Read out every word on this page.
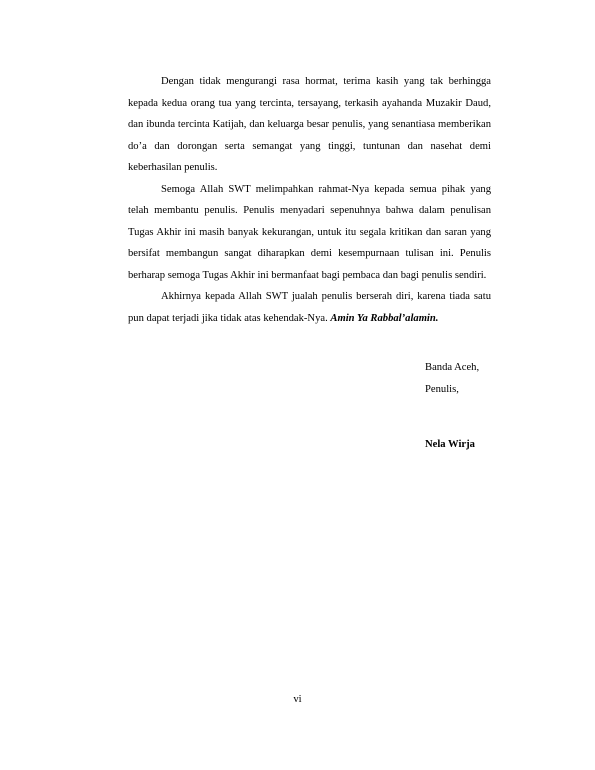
Dengan tidak mengurangi rasa hormat, terima kasih yang tak berhingga kepada kedua orang tua yang tercinta, tersayang, terkasih ayahanda Muzakir Daud, dan ibunda tercinta Katijah, dan keluarga besar penulis, yang senantiasa memberikan do’a dan dorongan serta semangat yang tinggi, tuntunan dan nasehat demi keberhasilan penulis.

Semoga Allah SWT melimpahkan rahmat-Nya kepada semua pihak yang telah membantu penulis. Penulis menyadari sepenuhnya bahwa dalam penulisan Tugas Akhir ini masih banyak kekurangan, untuk itu segala kritikan dan saran yang bersifat membangun sangat diharapkan demi kesempurnaan tulisan ini. Penulis berharap semoga Tugas Akhir ini bermanfaat bagi pembaca dan bagi penulis sendiri.

Akhirnya kepada Allah SWT jualah penulis berserah diri, karena tiada satu pun dapat terjadi jika tidak atas kehendak-Nya. Amin Ya Rabbal’alamin.

Banda Aceh,
Penulis,
Nela Wirja
vi
